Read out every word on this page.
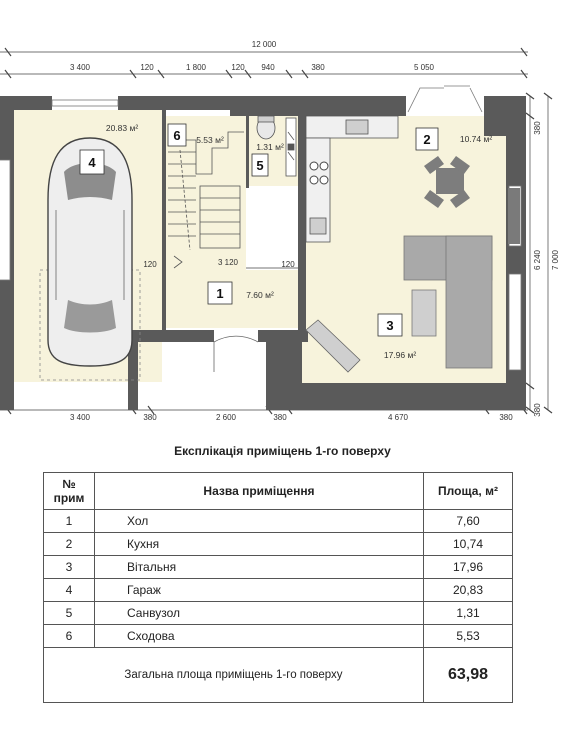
12 000
3 400	120	1 800	120 940	380	5 050
120	3 120	120
3 400	380	2 600	380	4 670	380
380
6 240 7 000
380
4
20.83 м²	6 5.53 м²
5
1.31 м²	2	10.74 м²
1	7.60 м²
3
17.96 м²
Експлікація приміщень 1-го поверху
№ прим	Назва приміщення	Площа, м²
1	Хол	7,60
2	Кухня	10,74
3	Вітальня	17,96
4	Гараж	20,83
5	Санвузол	1,31
6	Сходова	5,53
Загальна площа приміщень 1-го поверху		63,98
